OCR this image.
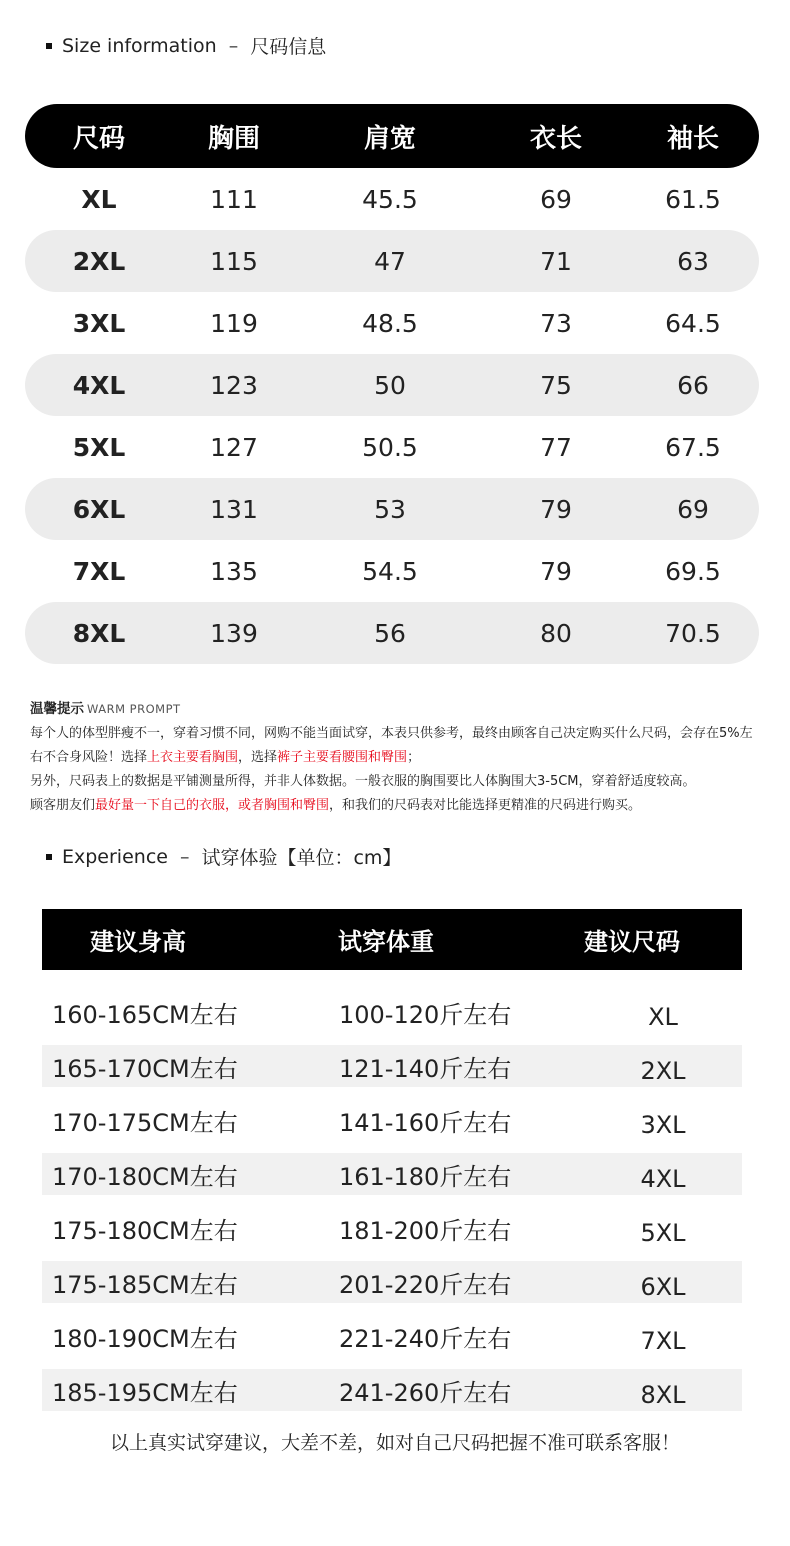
Size information – 尺码信息
尺码	胸围	肩宽	衣长	袖长
XL	111	45.5	69	61.5
2XL	115	47	71	63
3XL	119	48.5	73	64.5
4XL	123	50	75	66
5XL	127	50.5	77	67.5
6XL	131	53	79	69
7XL	135	54.5	79	69.5
8XL	139	56	80	70.5
温馨提示 WARM PROMPT
每个人的体型胖瘦不一，穿着习惯不同，网购不能当面试穿，本表只供参考，最终由顾客自己决定购买什么尺码，会存在5%左右不合身风险！选择上衣主要看胸围，选择裤子主要看腰围和臀围；
另外，尺码表上的数据是平铺测量所得，并非人体数据。一般衣服的胸围要比人体胸围大3-5CM，穿着舒适度较高。
顾客朋友们最好量一下自己的衣服，或者胸围和臀围，和我们的尺码表对比能选择更精准的尺码进行购买。
Experience – 试穿体验【单位：cm】
建议身高	试穿体重	建议尺码
160-165CM左右	100-120斤左右	XL
165-170CM左右	121-140斤左右	2XL
170-175CM左右	141-160斤左右	3XL
170-180CM左右	161-180斤左右	4XL
175-180CM左右	181-200斤左右	5XL
175-185CM左右	201-220斤左右	6XL
180-190CM左右	221-240斤左右	7XL
185-195CM左右	241-260斤左右	8XL
以上真实试穿建议，大差不差，如对自己尺码把握不准可联系客服！
